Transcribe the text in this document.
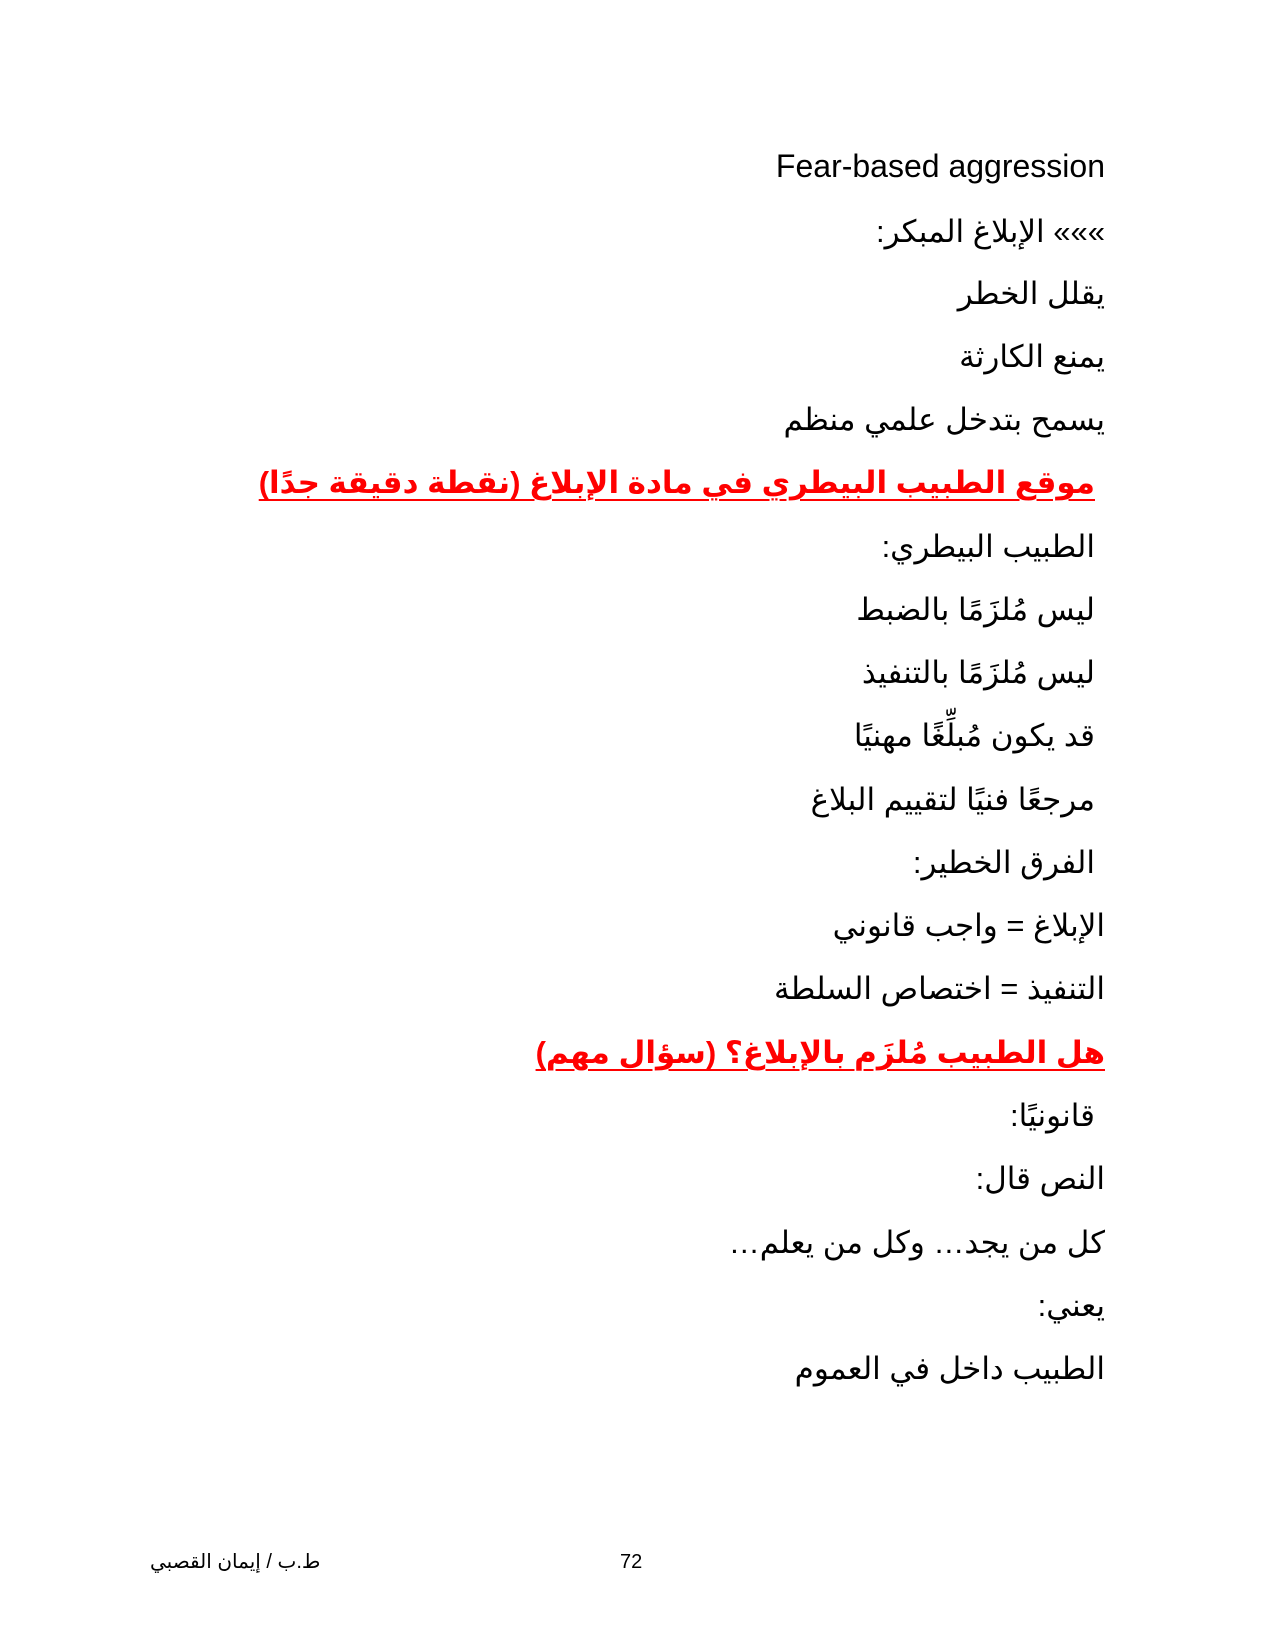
Fear-based aggression
»»» الإبلاغ المبكر:
يقلل الخطر
يمنع الكارثة
يسمح بتدخل علمي منظم
موقع الطبيب البيطري في مادة الإبلاغ (نقطة دقيقة جدًا)
الطبيب البيطري:
ليس مُلزَمًا بالضبط
ليس مُلزَمًا بالتنفيذ
قد يكون مُبلِّغًا مهنيًا
مرجعًا فنيًا لتقييم البلاغ
الفرق الخطير:
الإبلاغ = واجب قانوني
التنفيذ = اختصاص السلطة
هل الطبيب مُلزَم بالإبلاغ؟ (سؤال مهم)
قانونيًا:
النص قال:
كل من يجد… وكل من يعلم…
يعني:
الطبيب داخل في العموم
ط.ب / إيمان القصبي	72
